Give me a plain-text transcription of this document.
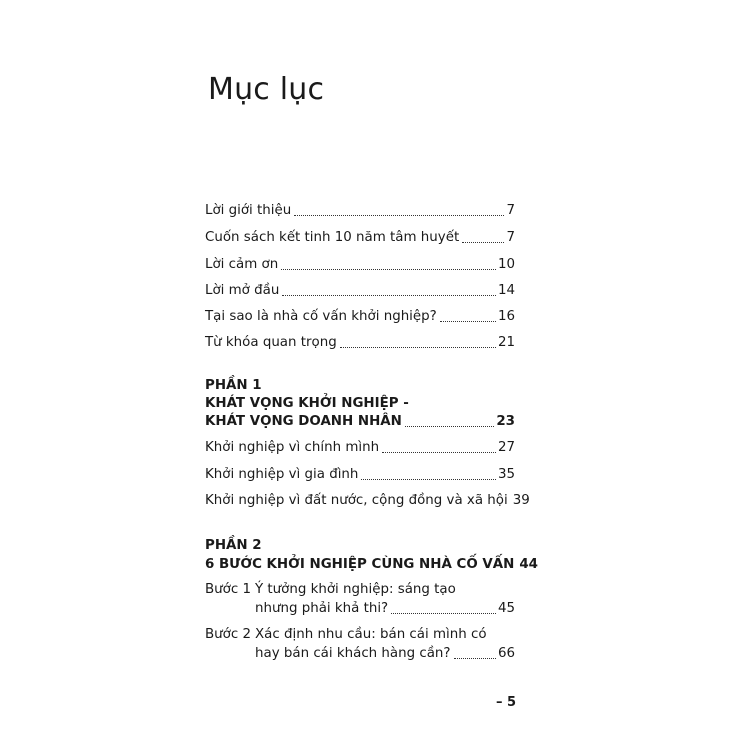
Mục lục
Lời giới thiệu	7
Cuốn sách kết tinh 10 năm tâm huyết	7
Lời cảm ơn	10
Lời mở đầu	14
Tại sao là nhà cố vấn khởi nghiệp?	16
Từ khóa quan trọng	21
PHẦN 1
KHÁT VỌNG KHỞI NGHIỆP -
KHÁT VỌNG DOANH NHÂN	23
Khởi nghiệp vì chính mình	27
Khởi nghiệp vì gia đình	35
Khởi nghiệp vì đất nước, cộng đồng và xã hội 39
PHẦN 2
6 BƯỚC KHỞI NGHIỆP CÙNG NHÀ CỐ VẤN 44
Bước 1 Ý tưởng khởi nghiệp: sáng tạo
nhưng phải khả thi?	45
Bước 2 Xác định nhu cầu: bán cái mình có
hay bán cái khách hàng cần?	66
– 5
